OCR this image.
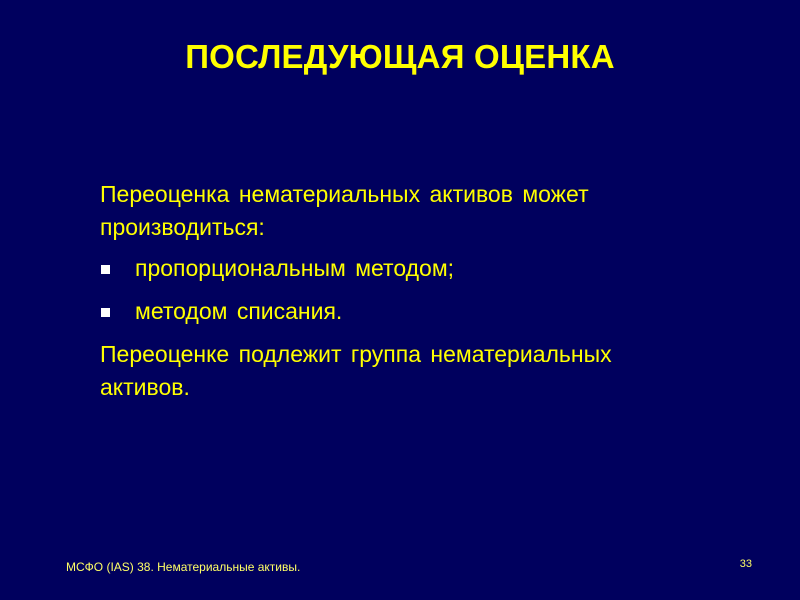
ПОСЛЕДУЮЩАЯ ОЦЕНКА

Переоценка нематериальных активов может производиться:

пропорциональным методом;
методом списания.

Переоценке подлежит группа нематериальных активов.

МСФО (IAS) 38. Нематериальные активы.	33
